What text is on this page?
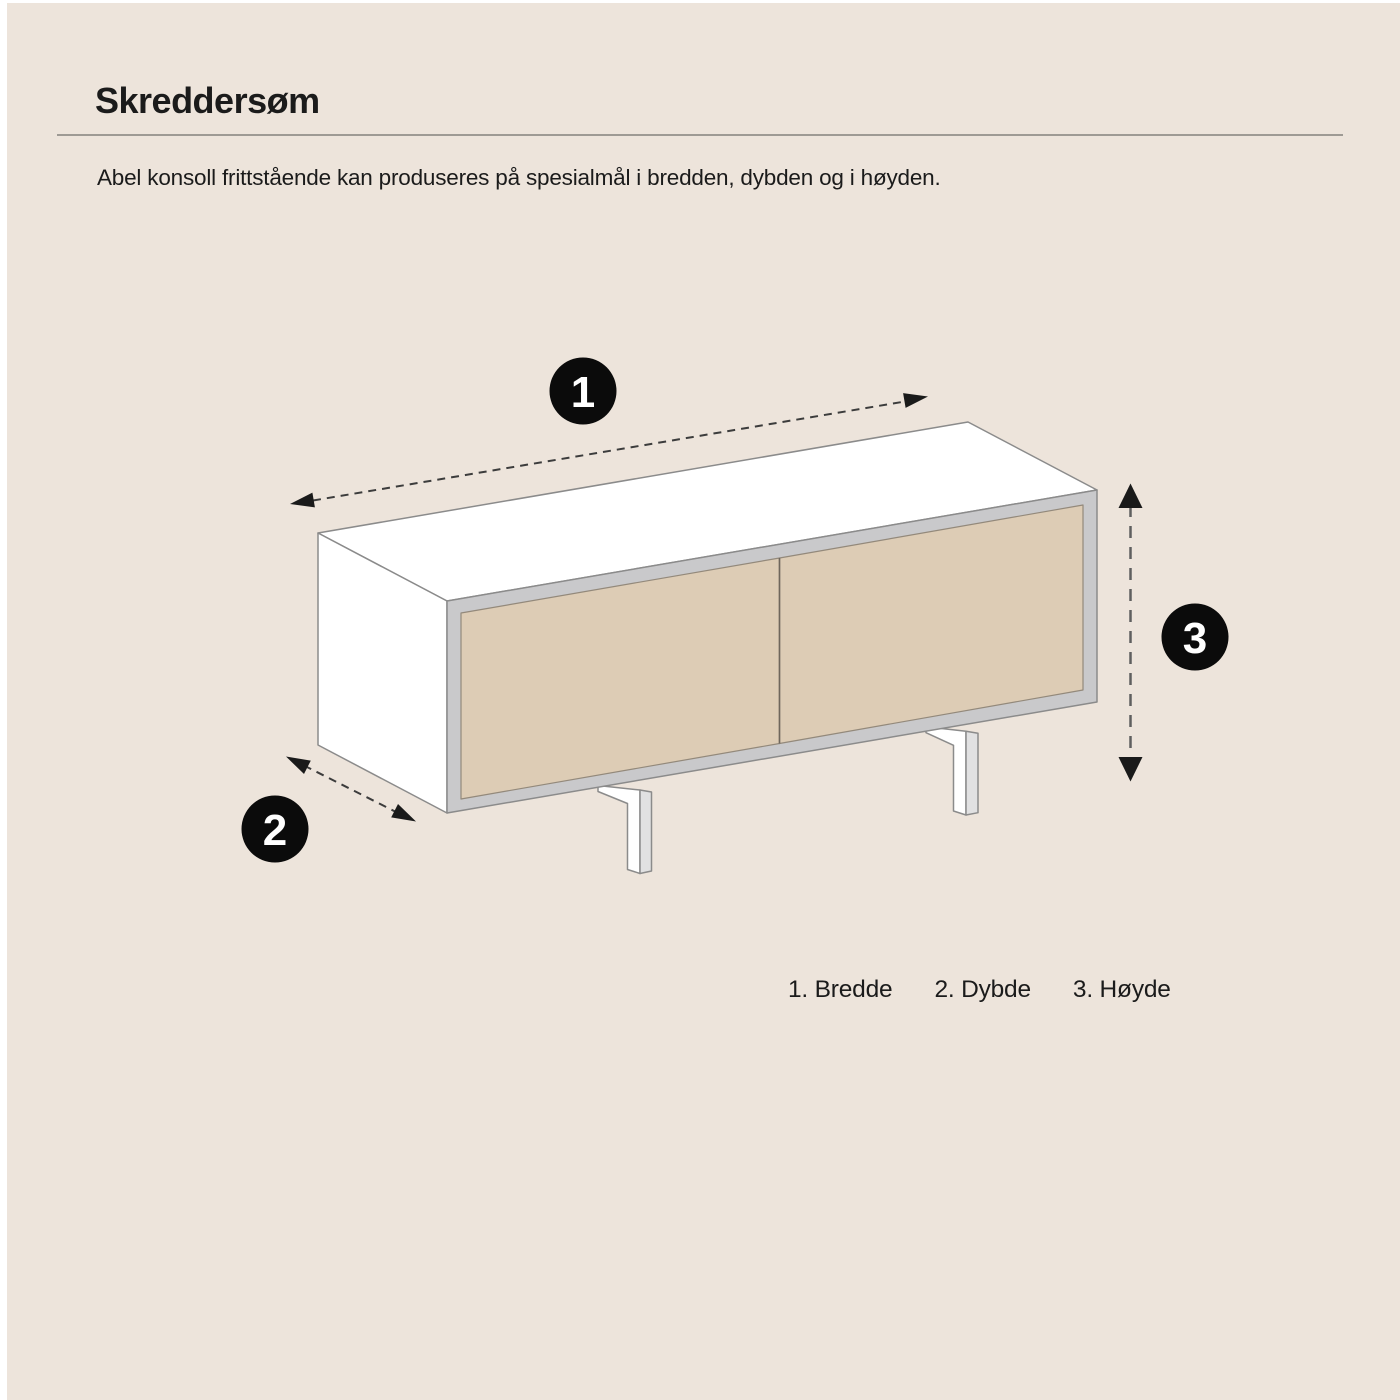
Skreddersøm

Abel konsoll frittstående kan produseres på spesialmål i bredden, dybden og i høyden.

1
2
3
1. Bredde 2. Dybde 3. Høyde
